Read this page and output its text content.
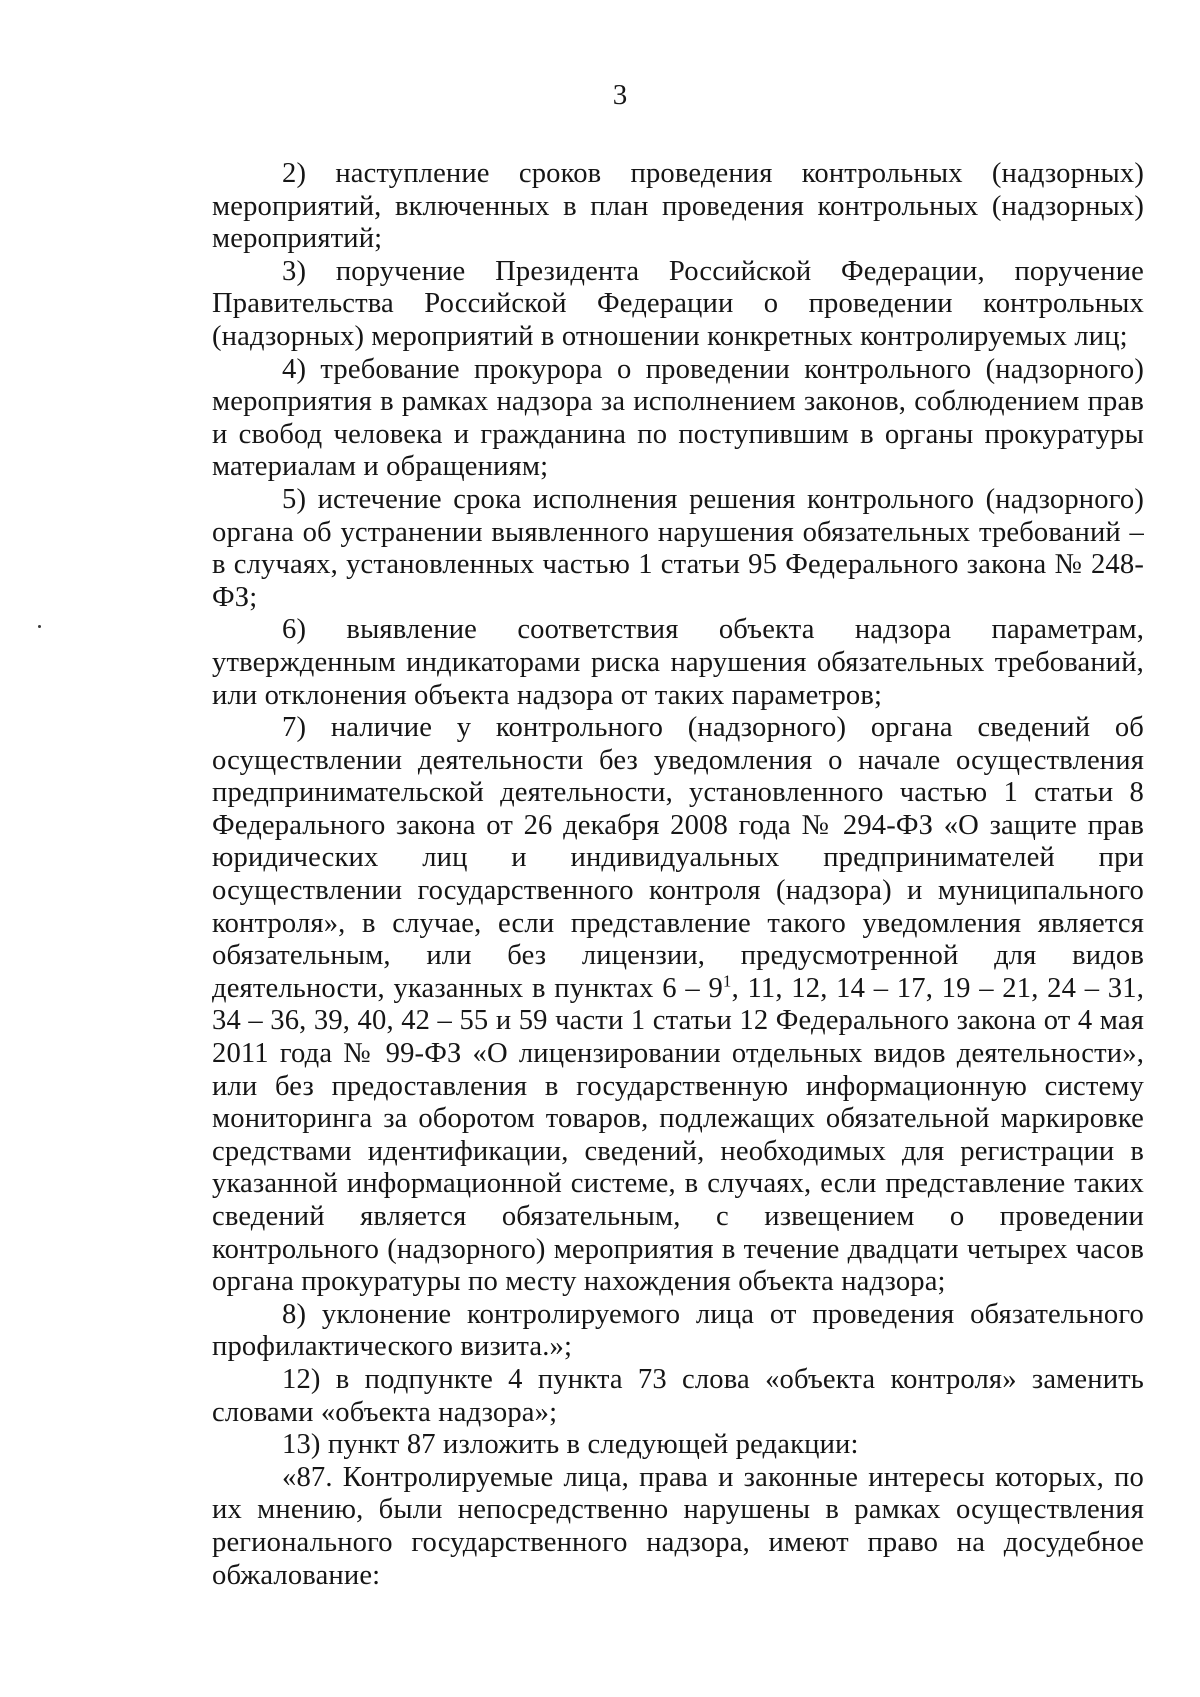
3

2) наступление сроков проведения контрольных (надзорных) мероприятий, включенных в план проведения контрольных (надзорных) мероприятий;

3) поручение Президента Российской Федерации, поручение Правительства Российской Федерации о проведении контрольных (надзорных) мероприятий в отношении конкретных контролируемых лиц;

4) требование прокурора о проведении контрольного (надзорного) мероприятия в рамках надзора за исполнением законов, соблюдением прав и свобод человека и гражданина по поступившим в органы прокуратуры материалам и обращениям;

5) истечение срока исполнения решения контрольного (надзорного) органа об устранении выявленного нарушения обязательных требований – в случаях, установленных частью 1 статьи 95 Федерального закона № 248-ФЗ;

6) выявление соответствия объекта надзора параметрам, утвержденным индикаторами риска нарушения обязательных требований, или отклонения объекта надзора от таких параметров;

7) наличие у контрольного (надзорного) органа сведений об осуществлении деятельности без уведомления о начале осуществления предпринимательской деятельности, установленного частью 1 статьи 8 Федерального закона от 26 декабря 2008 года № 294-ФЗ «О защите прав юридических лиц и индивидуальных предпринимателей при осуществлении государственного контроля (надзора) и муниципального контроля», в случае, если представление такого уведомления является обязательным, или без лицензии, предусмотренной для видов деятельности, указанных в пунктах $6 - 9^1$, 11, 12, 14 – 17, 19 – 21, 24 – 31, 34 – 36, 39, 40, 42 – 55 и 59 части 1 статьи 12 Федерального закона от 4 мая 2011 года № 99-ФЗ «О лицензировании отдельных видов деятельности», или без предоставления в государственную информационную систему мониторинга за оборотом товаров, подлежащих обязательной маркировке средствами идентификации, сведений, необходимых для регистрации в указанной информационной системе, в случаях, если представление таких сведений является обязательным, с извещением о проведении контрольного (надзорного) мероприятия в течение двадцати четырех часов органа прокуратуры по месту нахождения объекта надзора;

8) уклонение контролируемого лица от проведения обязательного профилактического визита.»;

12) в подпункте 4 пункта 73 слова «объекта контроля» заменить словами «объекта надзора»;

13) пункт 87 изложить в следующей редакции:

«87. Контролируемые лица, права и законные интересы которых, по их мнению, были непосредственно нарушены в рамках осуществления регионального государственного надзора, имеют право на досудебное обжалование:
